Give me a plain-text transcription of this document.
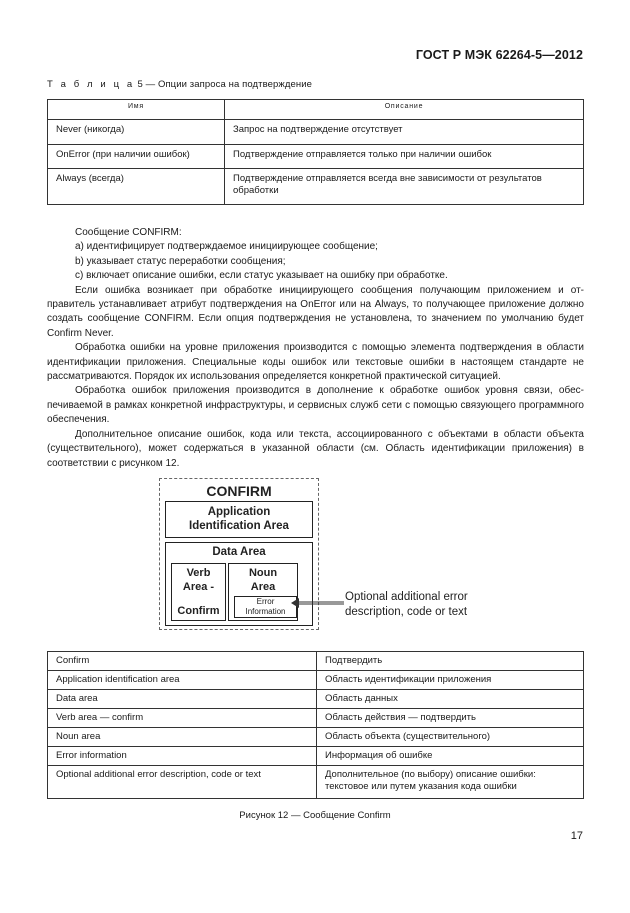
ГОСТ Р МЭК 62264-5—2012
Т а б л и ц а 5 — Опции запроса на подтверждение
Имя	Описание
Never (никогда)	Запрос на подтверждение отсутствует
OnError (при наличии ошибок)	Подтверждение отправляется только при наличии ошибок
Always (всегда)	Подтверждение отправляется всегда вне зависимости от результатов обработки

Сообщение CONFIRM:

а) идентифицирует подтверждаемое инициирующее сообщение;

b) указывает статус переработки сообщения;

с) включает описание ошибки, если статус указывает на ошибку при обработке.

Если ошибка возникает при обработке инициирующего сообщения получающим приложением и отправитель устанавливает атрибут подтверждения на OnError или на Always, то получающее приложение должно создать сообщение CONFIRM. Если опция подтверждения не установлена, то значением по умолчанию будет Confirm Never.

Обработка ошибки на уровне приложения производится с помощью элемента подтверждения в области идентификации приложения. Специальные коды ошибок или текстовые ошибки в настоящем стандарте не рассматриваются. Порядок их использования определяется конкретной практической ситуацией.

Обработка ошибок приложения производится в дополнение к обработке ошибок уровня связи, обеспечиваемой в рамках конкретной инфраструктуры, и сервисных служб сети с помощью связующего программного обеспечения.

Дополнительное описание ошибок, кода или текста, ассоциированного с объектами в области объекта (существительного), может содержаться в указанной области (см. Область идентификации приложения) в соответствии с рисунком 12.

CONFIRM
Application
Identification Area
Data Area
Verb
Area -
Confirm
Noun
Area
Error
Information
Optional additional error
description, code or text
Confirm	Подтвердить
Application identification area	Область идентификации приложения
Data area	Область данных
Verb area — confirm	Область действия — подтвердить
Noun area	Область объекта (существительного)
Error information	Информация об ошибке
Optional additional error description, code or text	Дополнительное (по выбору) описание ошибки: текстовое или путем указания кода ошибки
Рисунок 12 — Сообщение Confirm
17
